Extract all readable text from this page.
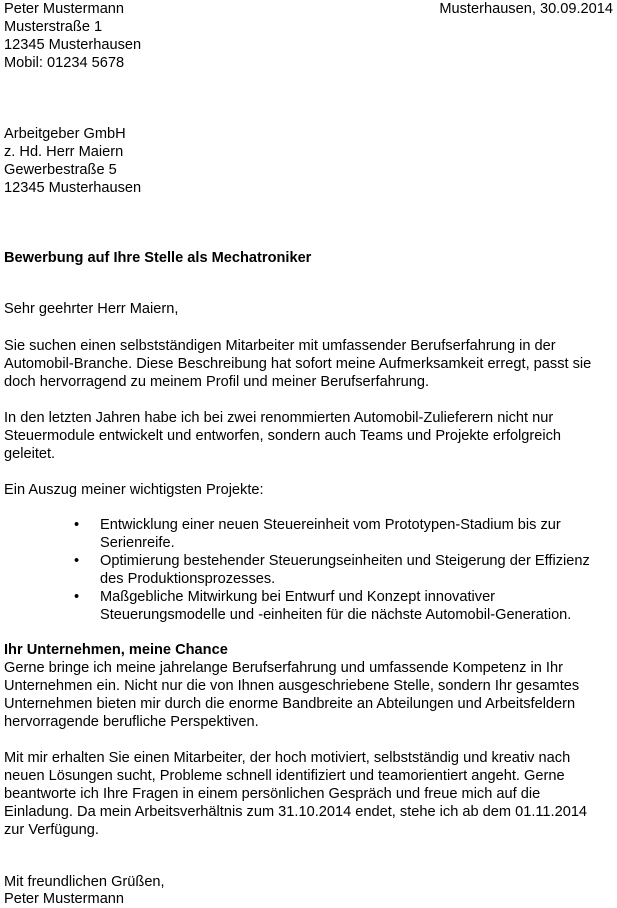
Peter Mustermann	Musterhausen, 30.09.2014
Musterstraße 1
12345 Musterhausen
Mobil: 01234 5678
Arbeitgeber GmbH
z. Hd. Herr Maiern
Gewerbestraße 5
12345 Musterhausen
Bewerbung auf Ihre Stelle als Mechatroniker
Sehr geehrter Herr Maiern,
Sie suchen einen selbstständigen Mitarbeiter mit umfassender Berufserfahrung in der
Automobil-Branche. Diese Beschreibung hat sofort meine Aufmerksamkeit erregt, passt sie
doch hervorragend zu meinem Profil und meiner Berufserfahrung.
In den letzten Jahren habe ich bei zwei renommierten Automobil-Zulieferern nicht nur
Steuermodule entwickelt und entworfen, sondern auch Teams und Projekte erfolgreich
geleitet.
Ein Auszug meiner wichtigsten Projekte:
• Entwicklung einer neuen Steuereinheit vom Prototypen-Stadium bis zur
Serienreife.
• Optimierung bestehender Steuerungseinheiten und Steigerung der Effizienz
des Produktionsprozesses.
• Maßgebliche Mitwirkung bei Entwurf und Konzept innovativer
Steuerungsmodelle und -einheiten für die nächste Automobil-Generation.
Ihr Unternehmen, meine Chance
Gerne bringe ich meine jahrelange Berufserfahrung und umfassende Kompetenz in Ihr
Unternehmen ein. Nicht nur die von Ihnen ausgeschriebene Stelle, sondern Ihr gesamtes
Unternehmen bieten mir durch die enorme Bandbreite an Abteilungen und Arbeitsfeldern
hervorragende berufliche Perspektiven.
Mit mir erhalten Sie einen Mitarbeiter, der hoch motiviert, selbstständig und kreativ nach
neuen Lösungen sucht, Probleme schnell identifiziert und teamorientiert angeht. Gerne
beantworte ich Ihre Fragen in einem persönlichen Gespräch und freue mich auf die
Einladung. Da mein Arbeitsverhältnis zum 31.10.2014 endet, stehe ich ab dem 01.11.2014
zur Verfügung.
Mit freundlichen Grüßen,
Peter Mustermann
